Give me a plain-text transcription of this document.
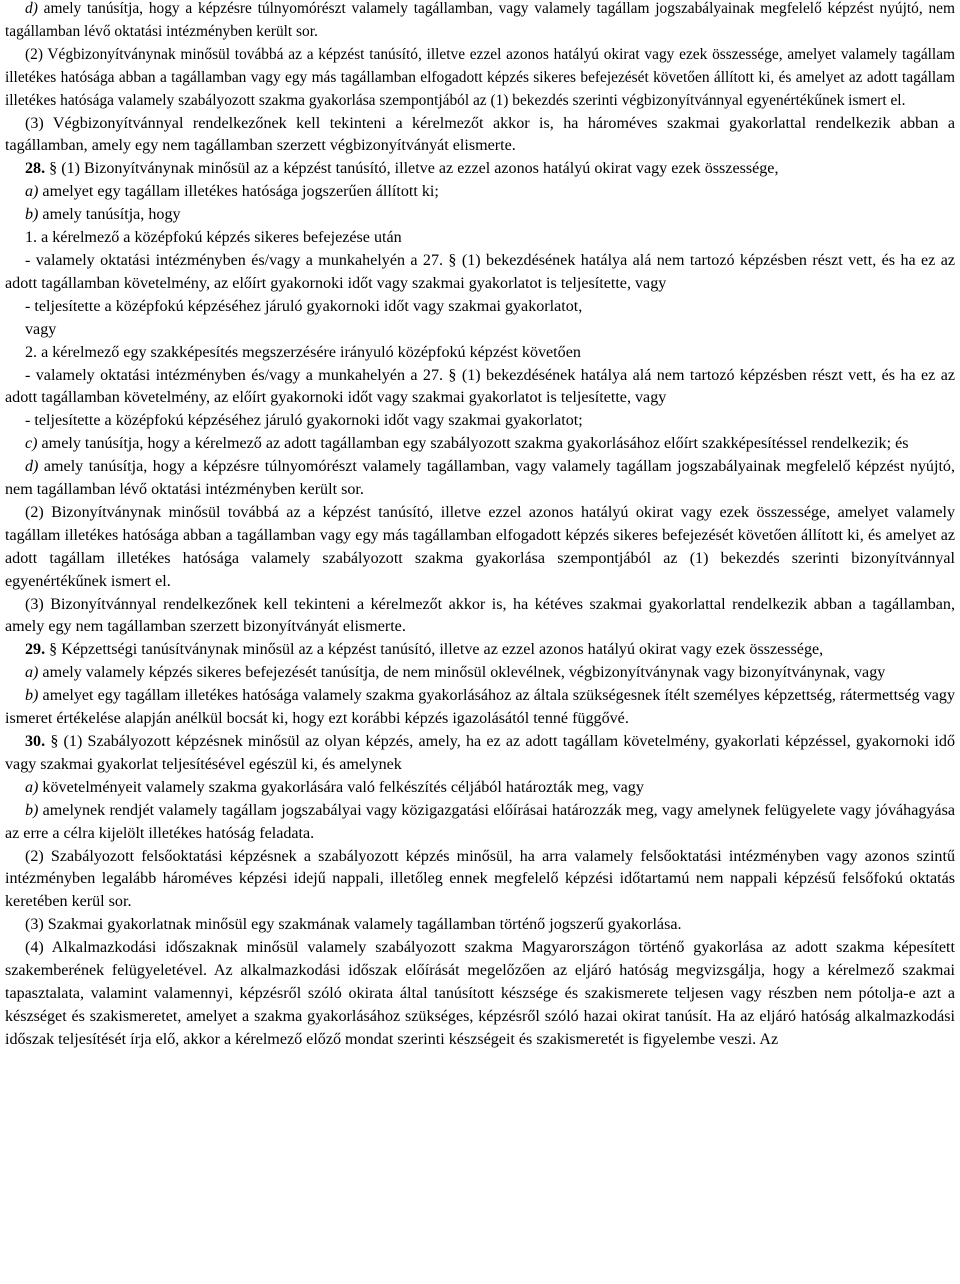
d) amely tanúsítja, hogy a képzésre túlnyomórészt valamely tagállamban, vagy valamely tagállam jogszabályainak megfelelő képzést nyújtó, nem tagállamban lévő oktatási intézményben került sor.

(2) Végbizonyítványnak minősül továbbá az a képzést tanúsító, illetve ezzel azonos hatályú okirat vagy ezek összessége, amelyet valamely tagállam illetékes hatósága abban a tagállamban vagy egy más tagállamban elfogadott képzés sikeres befejezését követően állított ki, és amelyet az adott tagállam illetékes hatósága valamely szabályozott szakma gyakorlása szempontjából az (1) bekezdés szerinti végbizonyítvánnyal egyenértékűnek ismert el.

(3) Végbizonyítvánnyal rendelkezőnek kell tekinteni a kérelmezőt akkor is, ha hároméves szakmai gyakorlattal rendelkezik abban a tagállamban, amely egy nem tagállamban szerzett végbizonyítványát elismerte.

28. § (1) Bizonyítványnak minősül az a képzést tanúsító, illetve az ezzel azonos hatályú okirat vagy ezek összessége,

a) amelyet egy tagállam illetékes hatósága jogszerűen állított ki;

b) amely tanúsítja, hogy

1. a kérelmező a középfokú képzés sikeres befejezése után

- valamely oktatási intézményben és/vagy a munkahelyén a 27. § (1) bekezdésének hatálya alá nem tartozó képzésben részt vett, és ha ez az adott tagállamban követelmény, az előírt gyakornoki időt vagy szakmai gyakorlatot is teljesítette, vagy

- teljesítette a középfokú képzéséhez járuló gyakornoki időt vagy szakmai gyakorlatot,

vagy

2. a kérelmező egy szakképesítés megszerzésére irányuló középfokú képzést követően

- valamely oktatási intézményben és/vagy a munkahelyén a 27. § (1) bekezdésének hatálya alá nem tartozó képzésben részt vett, és ha ez az adott tagállamban követelmény, az előírt gyakornoki időt vagy szakmai gyakorlatot is teljesítette, vagy

- teljesítette a középfokú képzéséhez járuló gyakornoki időt vagy szakmai gyakorlatot;

c) amely tanúsítja, hogy a kérelmező az adott tagállamban egy szabályozott szakma gyakorlásához előírt szakképesítéssel rendelkezik; és

d) amely tanúsítja, hogy a képzésre túlnyomórészt valamely tagállamban, vagy valamely tagállam jogszabályainak megfelelő képzést nyújtó, nem tagállamban lévő oktatási intézményben került sor.

(2) Bizonyítványnak minősül továbbá az a képzést tanúsító, illetve ezzel azonos hatályú okirat vagy ezek összessége, amelyet valamely tagállam illetékes hatósága abban a tagállamban vagy egy más tagállamban elfogadott képzés sikeres befejezését követően állított ki, és amelyet az adott tagállam illetékes hatósága valamely szabályozott szakma gyakorlása szempontjából az (1) bekezdés szerinti bizonyítvánnyal egyenértékűnek ismert el.

(3) Bizonyítvánnyal rendelkezőnek kell tekinteni a kérelmezőt akkor is, ha kétéves szakmai gyakorlattal rendelkezik abban a tagállamban, amely egy nem tagállamban szerzett bizonyítványát elismerte.

29. § Képzettségi tanúsítványnak minősül az a képzést tanúsító, illetve az ezzel azonos hatályú okirat vagy ezek összessége,

a) amely valamely képzés sikeres befejezését tanúsítja, de nem minősül oklevélnek, végbizonyítványnak vagy bizonyítványnak, vagy

b) amelyet egy tagállam illetékes hatósága valamely szakma gyakorlásához az általa szükségesnek ítélt személyes képzettség, rátermettség vagy ismeret értékelése alapján anélkül bocsát ki, hogy ezt korábbi képzés igazolásától tenné függővé.

30. § (1) Szabályozott képzésnek minősül az olyan képzés, amely, ha ez az adott tagállam követelmény, gyakorlati képzéssel, gyakornoki idő vagy szakmai gyakorlat teljesítésével egészül ki, és amelynek

a) követelményeit valamely szakma gyakorlására való felkészítés céljából határozták meg, vagy

b) amelynek rendjét valamely tagállam jogszabályai vagy közigazgatási előírásai határozzák meg, vagy amelynek felügyelete vagy jóváhagyása az erre a célra kijelölt illetékes hatóság feladata.

(2) Szabályozott felsőoktatási képzésnek a szabályozott képzés minősül, ha arra valamely felsőoktatási intézményben vagy azonos szintű intézményben legalább hároméves képzési idejű nappali, illetőleg ennek megfelelő képzési időtartamú nem nappali képzésű felsőfokú oktatás keretében kerül sor.

(3) Szakmai gyakorlatnak minősül egy szakmának valamely tagállamban történő jogszerű gyakorlása.

(4) Alkalmazkodási időszaknak minősül valamely szabályozott szakma Magyarországon történő gyakorlása az adott szakma képesített szakemberének felügyeletével. Az alkalmazkodási időszak előírását megelőzően az eljáró hatóság megvizsgálja, hogy a kérelmező szakmai tapasztalata, valamint valamennyi, képzésről szóló okirata által tanúsított készsége és szakismerete teljesen vagy részben nem pótolja-e azt a készséget és szakismeretet, amelyet a szakma gyakorlásához szükséges, képzésről szóló hazai okirat tanúsít. Ha az eljáró hatóság alkalmazkodási időszak teljesítését írja elő, akkor a kérelmező előző mondat szerinti készségeit és szakismeretét is figyelembe veszi. Az
